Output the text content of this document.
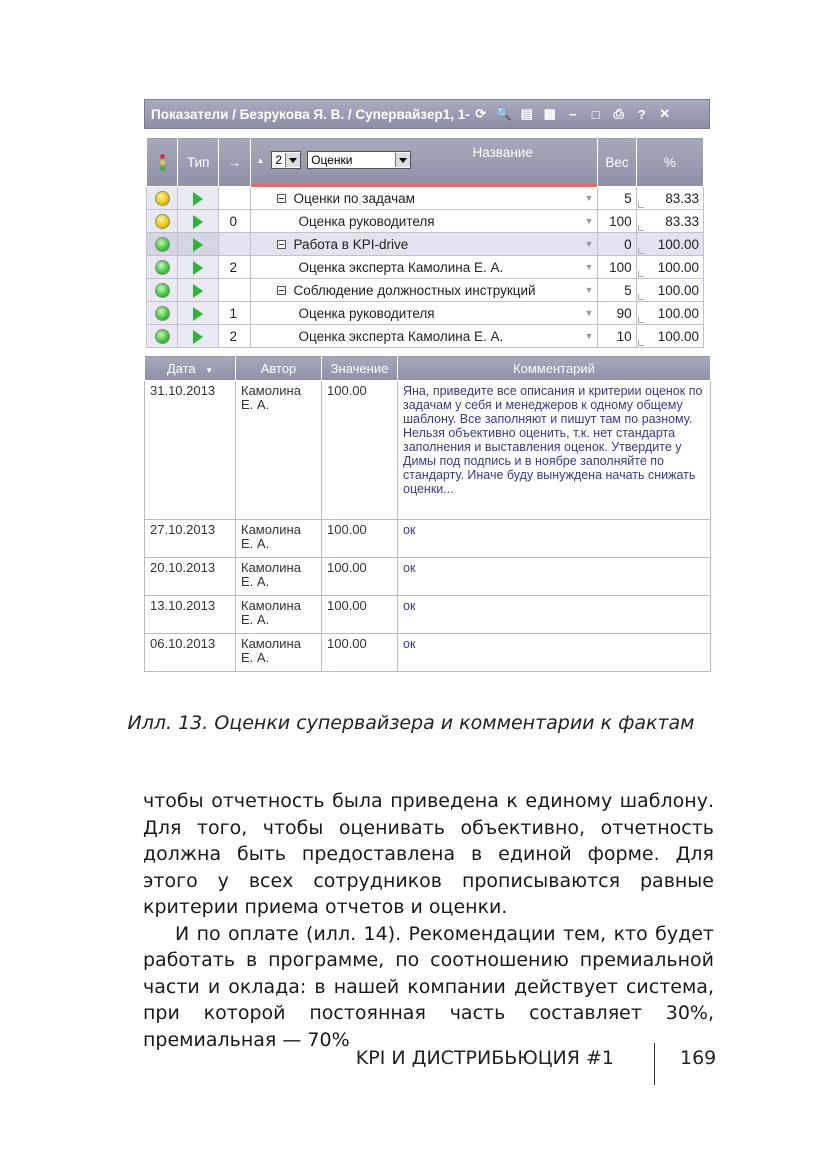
Показатели / Безрукова Я. В. / Супервайзер1, 1- ⟳ 🔍 ▤ ▦ − □ ⎙ ? ✕
	Тип	→	▲ 2 Оценки Название	Вес	%

			Оценки по задачам ▼	5	83.33
		0	Оценка руководителя ▼	100	83.33

			Работа в KPI-drive ▼	0	100.00
		2	Оценка эксперта Камолина Е. А. ▼	100	100.00

			Соблюдение должностных инструкций ▼	5	100.00
		1	Оценка руководителя ▼	90	100.00
		2	Оценка эксперта Камолина Е. А. ▼	10	100.00
Дата ▼	Автор	Значение	Комментарий
31.10.2013	Камолина Е. А.	100.00	Яна, приведите все описания и критерии оценок по задачам у себя и менеджеров к одному общему шаблону. Все заполняют и пишут там по разному. Нельзя объективно оценить, т.к. нет стандарта заполнения и выставления оценок. Утвердите у Димы под подпись и в ноябре заполняйте по стандарту. Иначе буду вынуждена начать снижать оценки...
27.10.2013	Камолина Е. А.	100.00	ок
20.10.2013	Камолина Е. А.	100.00	ок
13.10.2013	Камолина Е. А.	100.00	ок
06.10.2013	Камолина Е. А.	100.00	ок
Илл. 13. Оценки супервайзера и комментарии к фактам

чтобы отчетность была приведена к единому шаблону. Для того, чтобы оценивать объективно, отчетность должна быть предоставлена в единой форме. Для этого у всех сотрудников прописываются равные критерии приема отчетов и оценки.

И по оплате (илл. 14). Рекомендации тем, кто будет работать в программе, по соотношению премиальной части и оклада: в нашей компании действует система, при которой постоянная часть составляет 30%, премиальная — 70%

KPI И ДИСТРИБЬЮЦИЯ #1	169
